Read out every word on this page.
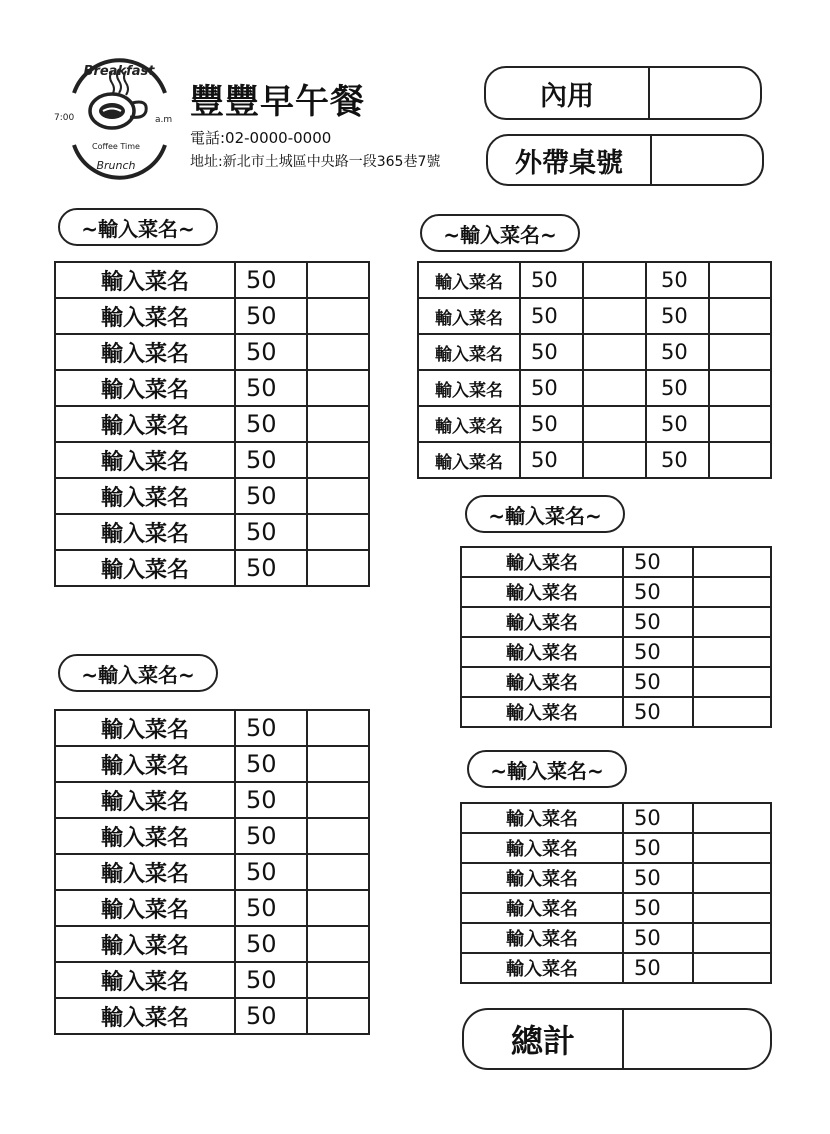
Breakfast
Coffee Time
Brunch
7:00	a.m 豐豐早午餐
電話:02-0000-0000
地址:新北市土城區中央路一段365巷7號
內用
外帶桌號
~輸入菜名~	~輸入菜名~
~輸入菜名~
~輸入菜名~
~輸入菜名~
輸入菜名	50	
輸入菜名	50	
輸入菜名	50	
輸入菜名	50	
輸入菜名	50	
輸入菜名	50	
輸入菜名	50	
輸入菜名	50	
輸入菜名	50	
輸入菜名	50	
輸入菜名	50	
輸入菜名	50	
輸入菜名	50	
輸入菜名	50	
輸入菜名	50	
輸入菜名	50	
輸入菜名	50	
輸入菜名	50	
輸入菜名	50		50	
輸入菜名	50		50	
輸入菜名	50		50	
輸入菜名	50		50	
輸入菜名	50		50	
輸入菜名	50		50	
輸入菜名	50	
輸入菜名	50	
輸入菜名	50	
輸入菜名	50	
輸入菜名	50	
輸入菜名	50	
輸入菜名	50	
輸入菜名	50	
輸入菜名	50	
輸入菜名	50	
輸入菜名	50	
輸入菜名	50	
總計
